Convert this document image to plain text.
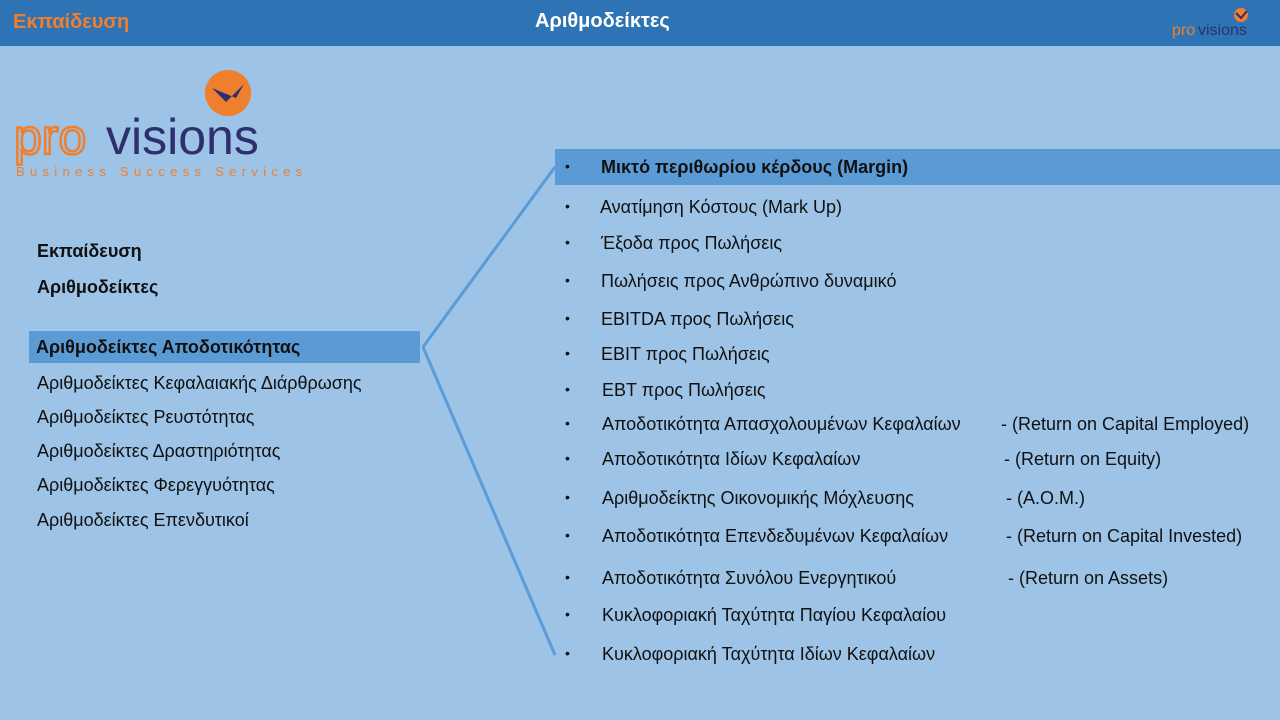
Εκπαίδευση	Αριθμοδείκτες	pro visions
pro visions
Business Success Services
Εκπαίδευση
Αριθμοδείκτες
Αριθμοδείκτες Αποδοτικότητας
Αριθμοδείκτες Κεφαλαιακής Διάρθρωσης
Αριθμοδείκτες Ρευστότητας
Αριθμοδείκτες Δραστηριότητας
Αριθμοδείκτες Φερεγγυότητας
Αριθμοδείκτες Επενδυτικοί
• Μικτό περιθωρίου κέρδους (Margin)
• Ανατίμηση Κόστους (Mark Up)
• Έξοδα προς Πωλήσεις
• Πωλήσεις προς Ανθρώπινο δυναμικό
• EBITDA προς Πωλήσεις
• EBIT προς Πωλήσεις
• EBT προς Πωλήσεις
• Αποδοτικότητα Απασχολουμένων Κεφαλαίων - (Return on Capital Employed)
• Αποδοτικότητα Ιδίων Κεφαλαίων	- (Return on Equity)
• Αριθμοδείκτης Οικονομικής Μόχλευσης	- (Α.Ο.Μ.)
• Αποδοτικότητα Επενδεδυμένων Κεφαλαίων	- (Return on Capital Invested)
• Αποδοτικότητα Συνόλου Ενεργητικού	- (Return on Assets)
• Κυκλοφοριακή Ταχύτητα Παγίου Κεφαλαίου
• Κυκλοφοριακή Ταχύτητα Ιδίων Κεφαλαίων
